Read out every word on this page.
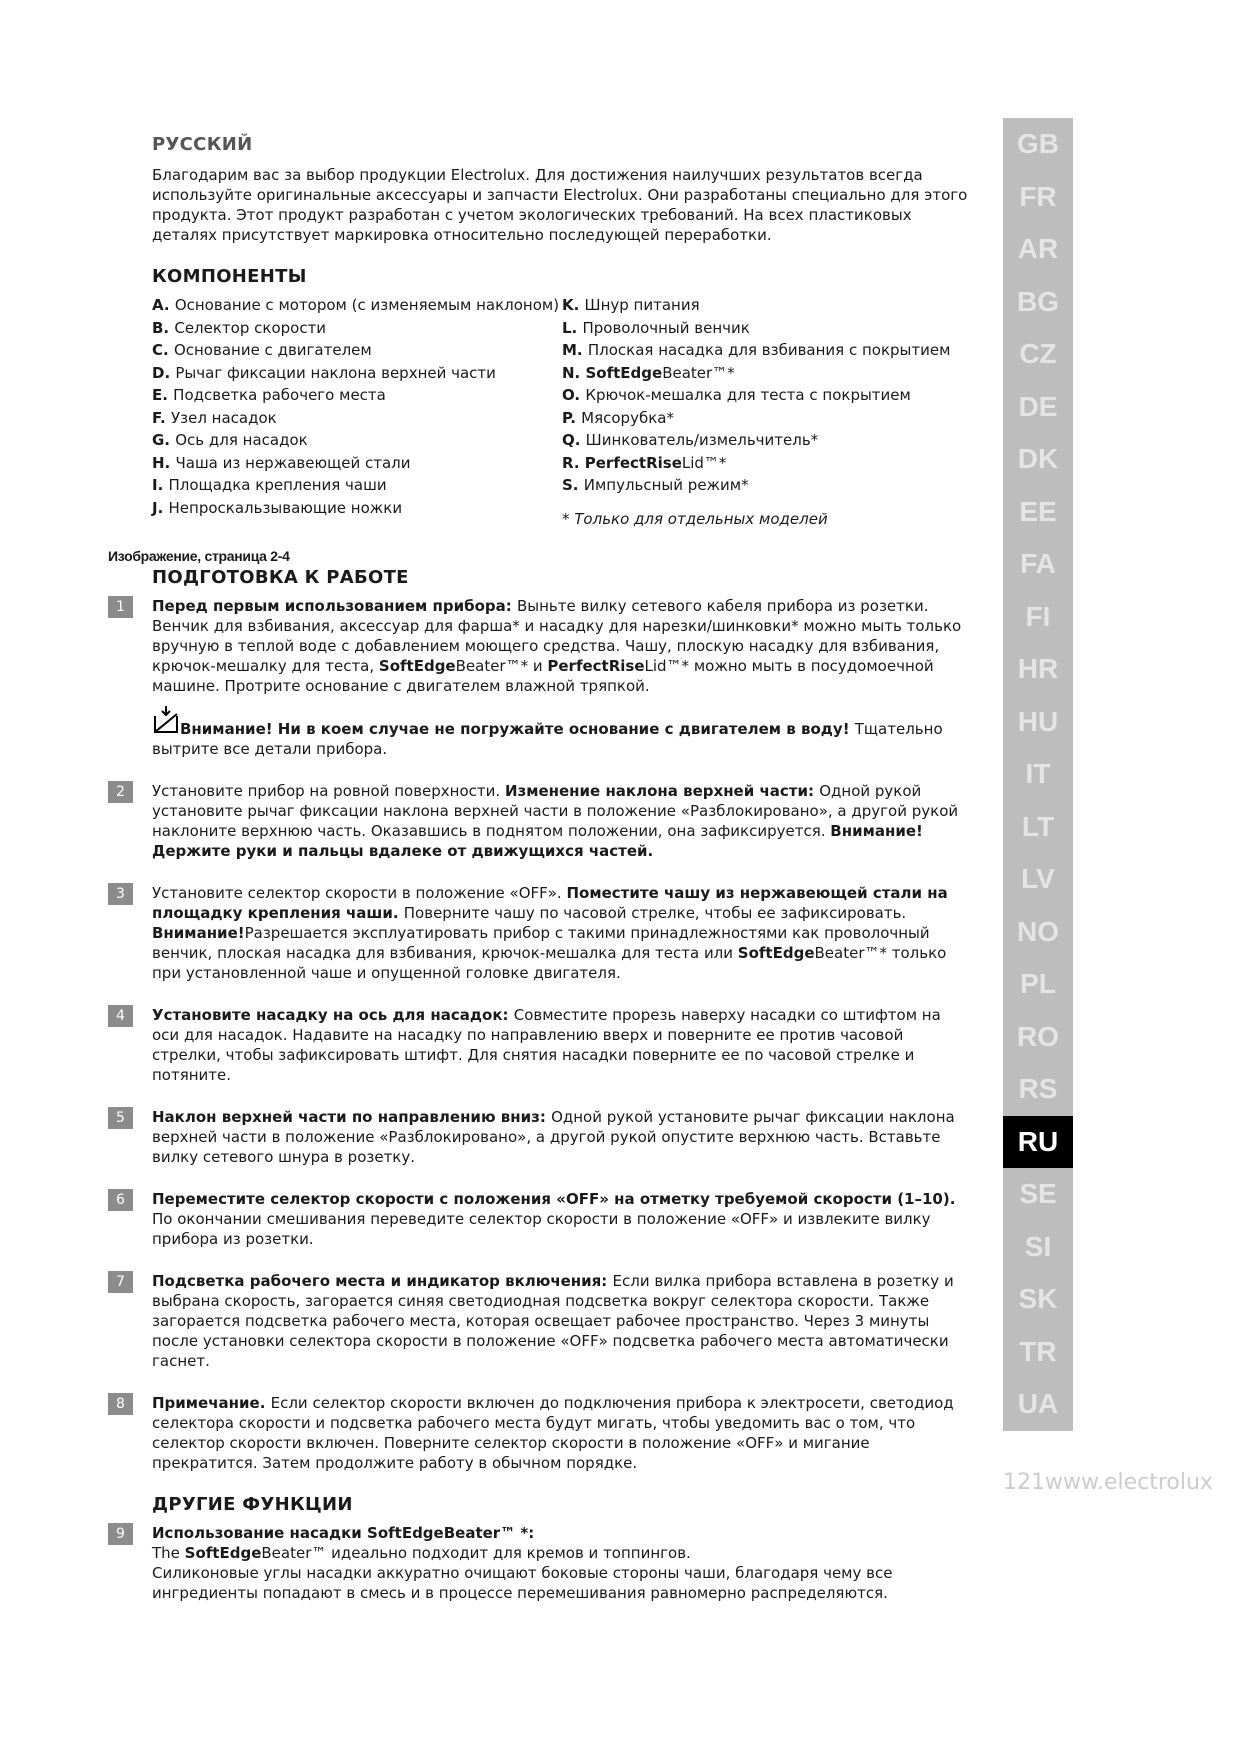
РУССКИЙ

Благодарим вас за выбор продукции Electrolux. Для достижения наилучших результатов всегда используйте оригинальные аксессуары и запчасти Electrolux. Они разработаны специально для этого продукта. Этот продукт разработан с учетом экологических требований. На всех пластиковых деталях присутствует маркировка относительно последующей переработки.

КОМПОНЕНТЫ
A. Основание с мотором (с изменяемым наклоном)
B. Селектор скорости
C. Основание с двигателем
D. Рычаг фиксации наклона верхней части
E. Подсветка рабочего места
F. Узел насадок
G. Ось для насадок
H. Чаша из нержавеющей стали
I. Площадка крепления чаши
J. Непроскальзывающие ножки
K. Шнур питания
L. Проволочный венчик
M. Плоская насадка для взбивания с покрытием
N. SoftEdgeBeater™*
O. Крючок-мешалка для теста с покрытием
P. Мясорубка*
Q. Шинкователь/измельчитель*
R. PerfectRiseLid™*
S. Импульсный режим*
* Только для отдельных моделей
Изображение, страница 2-4
ПОДГОТОВКА К РАБОТЕ
1	Перед первым использованием прибора: Выньте вилку сетевого кабеля прибора из розетки. Венчик для взбивания, аксессуар для фарша* и насадку для нарезки/шинковки* можно мыть только вручную в теплой воде с добавлением моющего средства. Чашу, плоскую насадку для взбивания, крючок-мешалку для теста, SoftEdgeBeater™* и PerfectRiseLid™* можно мыть в посудомоечной машине. Протрите основание с двигателем влажной тряпкой.

Внимание! Ни в коем случае не погружайте основание с двигателем в воду! Тщательно вытрите все детали прибора.

2	Установите прибор на ровной поверхности. Изменение наклона верхней части: Одной рукой установите рычаг фиксации наклона верхней части в положение «Разблокировано», а другой рукой наклоните верхнюю часть. Оказавшись в поднятом положении, она зафиксируется. Внимание! Держите руки и пальцы вдалеке от движущихся частей.

3	Установите селектор скорости в положение «OFF». Поместите чашу из нержавеющей стали на площадку крепления чаши. Поверните чашу по часовой стрелке, чтобы ее зафиксировать. Внимание!Разрешается эксплуатировать прибор с такими принадлежностями как проволочный венчик, плоская насадка для взбивания, крючок-мешалка для теста или SoftEdgeBeater™* только при установленной чаше и опущенной головке двигателя.

4	Установите насадку на ось для насадок: Совместите прорезь наверху насадки со штифтом на оси для насадок. Надавите на насадку по направлению вверх и поверните ее против часовой стрелки, чтобы зафиксировать штифт. Для снятия насадки поверните ее по часовой стрелке и потяните.

5	Наклон верхней части по направлению вниз: Одной рукой установите рычаг фиксации наклона верхней части в положение «Разблокировано», а другой рукой опустите верхнюю часть. Вставьте вилку сетевого шнура в розетку.

6	Переместите селектор скорости с положения «OFF» на отметку требуемой скорости (1–10). По окончании смешивания переведите селектор скорости в положение «OFF» и извлеките вилку прибора из розетки.

7	Подсветка рабочего места и индикатор включения: Если вилка прибора вставлена в розетку и выбрана скорость, загорается синяя светодиодная подсветка вокруг селектора скорости. Также загорается подсветка рабочего места, которая освещает рабочее пространство. Через 3 минуты после установки селектора скорости в положение «OFF» подсветка рабочего места автоматически гаснет.

8	Примечание. Если селектор скорости включен до подключения прибора к электросети, светодиод селектора скорости и подсветка рабочего места будут мигать, чтобы уведомить вас о том, что селектор скорости включен. Поверните селектор скорости в положение «OFF» и мигание прекратится. Затем продолжите работу в обычном порядке.

ДРУГИЕ ФУНКЦИИ
9	Использование насадки SoftEdgeBeater™ *:

The SoftEdgeBeater™ идеально подходит для кремов и топпингов.

Силиконовые углы насадки аккуратно очищают боковые стороны чаши, благодаря чему все ингредиенты попадают в смесь и в процессе перемешивания равномерно распределяются.

GB
FR
AR
BG
CZ
DE
DK
EE
FA
FI
HR
HU
IT
LT
LV
NO
PL
RO
RS
RU
SE
SI
SK
TR
UA
121www.electrolux
